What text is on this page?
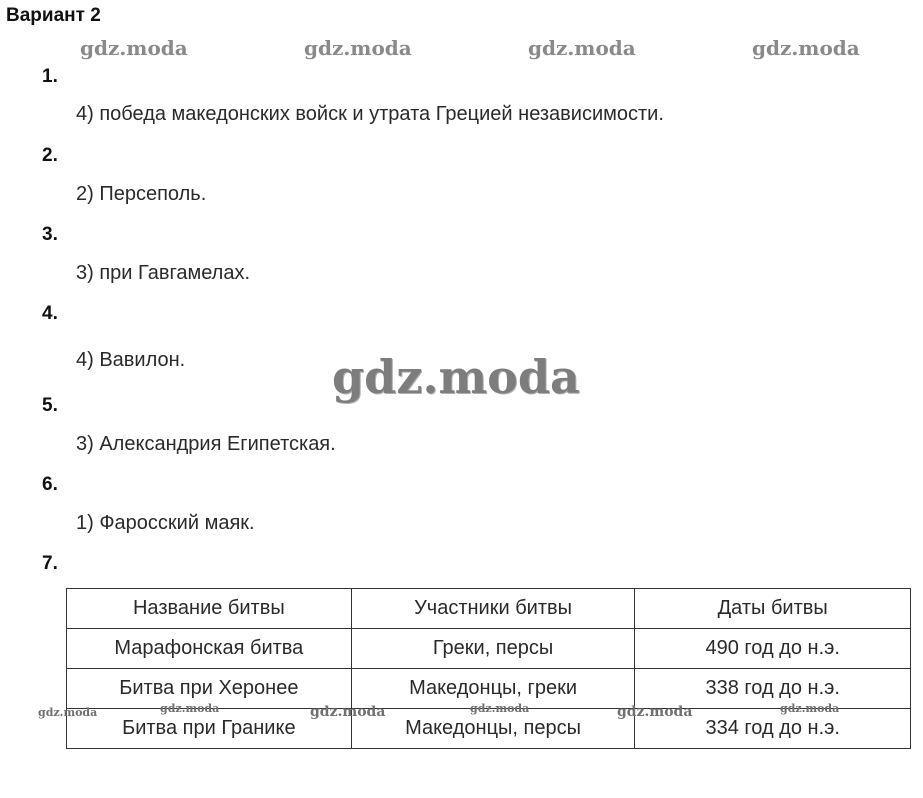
Вариант 2
gdz.moda	gdz.moda	gdz.moda	gdz.moda
1.
4) победа македонских войск и утрата Грецией независимости.
2.
2) Персеполь.
3.
3) при Гавгамелах.
4.
4) Вавилон.	gdz.moda
5.
3) Александрия Египетская.
6.
1) Фаросский маяк.
7.
Название битвы	Участники битвы	Даты битвы
Марафонская битва	Греки, персы	490 год до н.э.
Битва при Херонее	Македонцы, греки	338 год до н.э.
Битва при Гранике	Македонцы, персы	334 год до н.э.
gdz.moda	gdz.moda	gdz.moda	gdz.moda	gdz.moda	gdz.moda
